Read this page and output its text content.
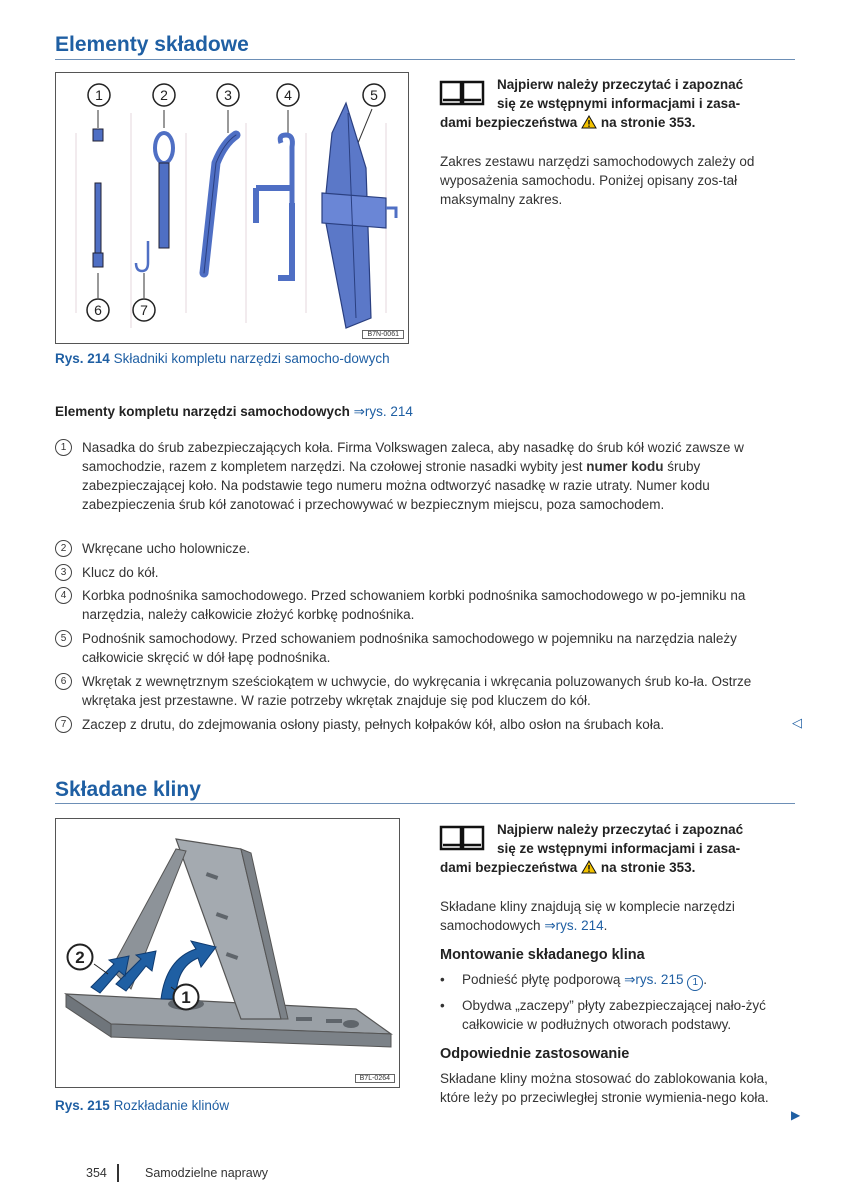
Elementy składowe
1	2	3	4	5
6	7
B7N-0061
Rys. 214 Składniki kompletu narzędzi samocho-dowych
Najpierw należy przeczytać i zapoznać
się ze wstępnymi informacjami i zasa-
dami bezpieczeństwa na stronie 353.
Zakres zestawu narzędzi samochodowych zależy od wyposażenia samochodu. Poniżej opisany zos-tał maksymalny zakres.
Elementy kompletu narzędzi samochodowych ⇒rys. 214
1	Nasadka do śrub zabezpieczających koła. Firma Volkswagen zaleca, aby nasadkę do śrub kół wozić zawsze w samochodzie, razem z kompletem narzędzi. Na czołowej stronie nasadki wybity jest numer kodu śruby zabezpieczającej koło. Na podstawie tego numeru można odtworzyć nasadkę w razie utraty. Numer kodu zabezpieczenia śrub kół zanotować i przechowywać w bezpiecznym miejscu, poza samochodem.
2	Wkręcane ucho holownicze.
3	Klucz do kół.
4	Korbka podnośnika samochodowego. Przed schowaniem korbki podnośnika samochodowego w po-jemniku na narzędzia, należy całkowicie złożyć korbkę podnośnika.
5	Podnośnik samochodowy. Przed schowaniem podnośnika samochodowego w pojemniku na narzędzia należy całkowicie skręcić w dół łapę podnośnika.
6	Wkrętak z wewnętrznym sześciokątem w uchwycie, do wykręcania i wkręcania poluzowanych śrub ko-ła. Ostrze wkrętaka jest przestawne. W razie potrzeby wkrętak znajduje się pod kluczem do kół.
7	Zaczep z drutu, do zdejmowania osłony piasty, pełnych kołpaków kół, albo osłon na śrubach koła.	◁
Składane kliny
2
1
B7L-0264
Rys. 215 Rozkładanie klinów
Najpierw należy przeczytać i zapoznać
się ze wstępnymi informacjami i zasa-
dami bezpieczeństwa na stronie 353.
Składane kliny znajdują się w komplecie narzędzi samochodowych ⇒rys. 214.
Montowanie składanego klina
•	Podnieść płytę podporową ⇒rys. 215 1 .
•	Obydwa „zaczepy” płyty zabezpieczającej nało-żyć całkowicie w podłużnych otworach podstawy.
Odpowiednie zastosowanie
Składane kliny można stosować do zablokowania koła, które leży po przeciwległej stronie wymienia-nego koła.
▶
354	Samodzielne naprawy
